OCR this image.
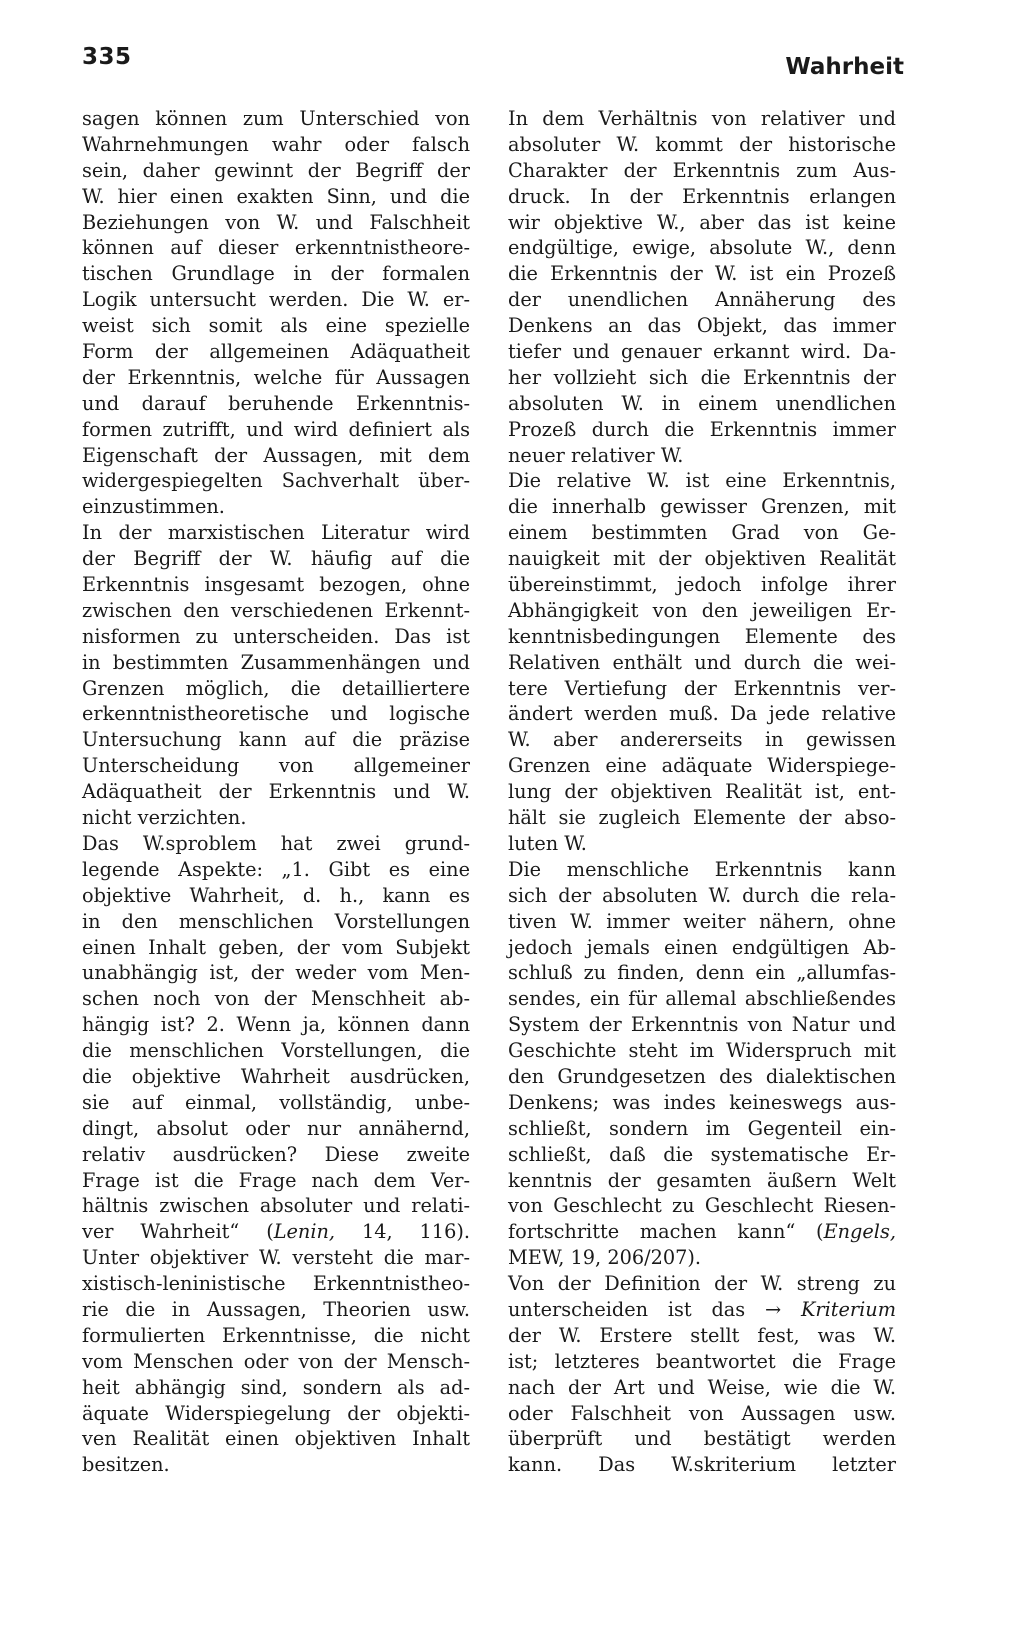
335	Wahrheit
sagen können zum Unterschied von
Wahrnehmungen wahr oder falsch
sein, daher gewinnt der Begriff der
W. hier einen exakten Sinn, und die
Beziehungen von W. und Falschheit
können auf dieser erkenntnistheore-
tischen Grundlage in der formalen
Logik untersucht werden. Die W. er-
weist sich somit als eine spezielle
Form der allgemeinen Adäquatheit
der Erkenntnis, welche für Aussagen
und darauf beruhende Erkenntnis-
formen zutrifft, und wird definiert als
Eigenschaft der Aussagen, mit dem
widergespiegelten Sachverhalt über-
einzustimmen.
In der marxistischen Literatur wird
der Begriff der W. häufig auf die
Erkenntnis insgesamt bezogen, ohne
zwischen den verschiedenen Erkennt-
nisformen zu unterscheiden. Das ist
in bestimmten Zusammenhängen und
Grenzen möglich, die detailliertere
erkenntnistheoretische und logische
Untersuchung kann auf die präzise
Unterscheidung von allgemeiner
Adäquatheit der Erkenntnis und W.
nicht verzichten.
Das W.sproblem hat zwei grund-
legende Aspekte: „1. Gibt es eine
objektive Wahrheit, d. h., kann es
in den menschlichen Vorstellungen
einen Inhalt geben, der vom Subjekt
unabhängig ist, der weder vom Men-
schen noch von der Menschheit ab-
hängig ist? 2. Wenn ja, können dann
die menschlichen Vorstellungen, die
die objektive Wahrheit ausdrücken,
sie auf einmal, vollständig, unbe-
dingt, absolut oder nur annähernd,
relativ ausdrücken? Diese zweite
Frage ist die Frage nach dem Ver-
hältnis zwischen absoluter und relati-
ver Wahrheit“ (Lenin, 14, 116).
Unter objektiver W. versteht die mar-
xistisch-leninistische Erkenntnistheo-
rie die in Aussagen, Theorien usw.
formulierten Erkenntnisse, die nicht
vom Menschen oder von der Mensch-
heit abhängig sind, sondern als ad-
äquate Widerspiegelung der objekti-
ven Realität einen objektiven Inhalt
besitzen.
In dem Verhältnis von relativer und
absoluter W. kommt der historische
Charakter der Erkenntnis zum Aus-
druck. In der Erkenntnis erlangen
wir objektive W., aber das ist keine
endgültige, ewige, absolute W., denn
die Erkenntnis der W. ist ein Prozeß
der unendlichen Annäherung des
Denkens an das Objekt, das immer
tiefer und genauer erkannt wird. Da-
her vollzieht sich die Erkenntnis der
absoluten W. in einem unendlichen
Prozeß durch die Erkenntnis immer
neuer relativer W.
Die relative W. ist eine Erkenntnis,
die innerhalb gewisser Grenzen, mit
einem bestimmten Grad von Ge-
nauigkeit mit der objektiven Realität
übereinstimmt, jedoch infolge ihrer
Abhängigkeit von den jeweiligen Er-
kenntnisbedingungen Elemente des
Relativen enthält und durch die wei-
tere Vertiefung der Erkenntnis ver-
ändert werden muß. Da jede relative
W. aber andererseits in gewissen
Grenzen eine adäquate Widerspiege-
lung der objektiven Realität ist, ent-
hält sie zugleich Elemente der abso-
luten W.
Die menschliche Erkenntnis kann
sich der absoluten W. durch die rela-
tiven W. immer weiter nähern, ohne
jedoch jemals einen endgültigen Ab-
schluß zu finden, denn ein „allumfas-
sendes, ein für allemal abschließendes
System der Erkenntnis von Natur und
Geschichte steht im Widerspruch mit
den Grundgesetzen des dialektischen
Denkens; was indes keineswegs aus-
schließt, sondern im Gegenteil ein-
schließt, daß die systematische Er-
kenntnis der gesamten äußern Welt
von Geschlecht zu Geschlecht Riesen-
fortschritte machen kann“ (Engels,
MEW, 19, 206/207).
Von der Definition der W. streng zu
unterscheiden ist das → Kriterium
der W. Erstere stellt fest, was W.
ist; letzteres beantwortet die Frage
nach der Art und Weise, wie die W.
oder Falschheit von Aussagen usw.
überprüft und bestätigt werden
kann. Das W.skriterium letzter
